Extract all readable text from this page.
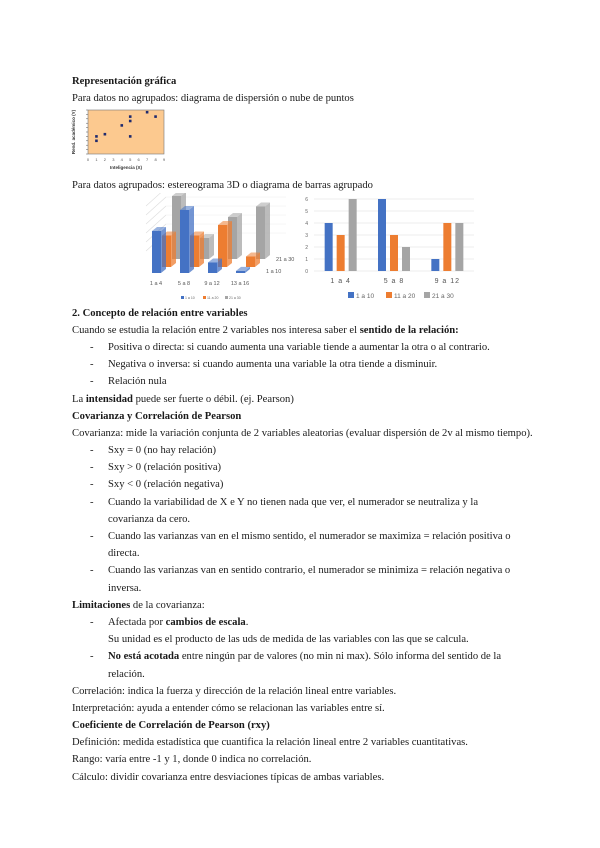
Representación gráfica
Para datos no agrupados: diagrama de dispersión o nube de puntos
0 1 2 3 4 5 6 7 8 9
Inteligencia (X)
Rend. académico (Y)
Para datos agrupados: estereograma 3D o diagrama de barras agrupado
1 a 4	5 a 8	9 a 12 13 a 16
1 a 10
21 a 30
1 a 10	11 a 20	21 a 30
0
1
2
3
4
5
6
1 a 4	5 a 8	9 a 12
1 a 10	11 a 20	21 a 30
2. Concepto de relación entre variables
Cuando se estudia la relación entre 2 variables nos interesa saber el sentido de la relación:
- Positiva o directa: si cuando aumenta una variable tiende a aumentar la otra o al contrario.
- Negativa o inversa: si cuando aumenta una variable la otra tiende a disminuir.
- Relación nula
La intensidad puede ser fuerte o débil. (ej. Pearson)
Covarianza y Correlación de Pearson
Covarianza: mide la variación conjunta de 2 variables aleatorias (evaluar dispersión de 2v al mismo tiempo).
- Sxy = 0 (no hay relación)
- Sxy > 0 (relación positiva)
- Sxy < 0 (relación negativa)
- Cuando la variabilidad de X e Y no tienen nada que ver, el numerador se neutraliza y la
covarianza da cero.
- Cuando las varianzas van en el mismo sentido, el numerador se maximiza = relación positiva o
directa.
- Cuando las varianzas van en sentido contrario, el numerador se minimiza = relación negativa o
inversa.
Limitaciones de la covarianza:
- Afectada por cambios de escala.
Su unidad es el producto de las uds de medida de las variables con las que se calcula.
- No está acotada entre ningún par de valores (no min ni max). Sólo informa del sentido de la
relación.
Correlación: indica la fuerza y dirección de la relación lineal entre variables.
Interpretación: ayuda a entender cómo se relacionan las variables entre sí.
Coeficiente de Correlación de Pearson (rxy)
Definición: medida estadística que cuantifica la relación lineal entre 2 variables cuantitativas.
Rango: varía entre -1 y 1, donde 0 indica no correlación.
Cálculo: dividir covarianza entre desviaciones típicas de ambas variables.
